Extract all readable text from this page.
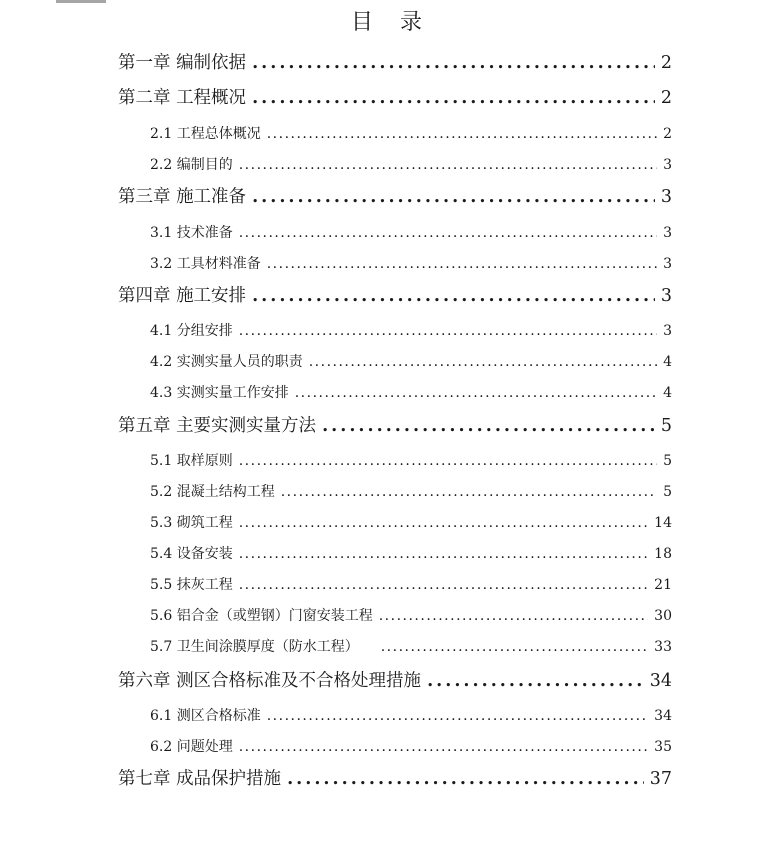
目 录
第一章 编制依据 .....	2
第二章 工程概况 .....	2
2.1 工程总体概况 .....	2
2.2 编制目的 .....	3
第三章 施工准备 .....	3
3.1 技术准备 .....	3
3.2 工具材料准备 .....	3
第四章 施工安排 .....	3
4.1 分组安排 .....	3
4.2 实测实量人员的职责 .....	4
4.3 实测实量工作安排 .....	4
第五章 主要实测实量方法 .....	5
5.1 取样原则 .....	5
5.2 混凝土结构工程 .....	5
5.3 砌筑工程 .....	14
5.4 设备安装 .....	18
5.5 抹灰工程 .....	21
5.6 铝合金（或塑钢）门窗安装工程 .....	30
5.7 卫生间涂膜厚度（防水工程） .....	33
第六章 测区合格标准及不合格处理措施 .....	34
6.1 测区合格标准 .....	34
6.2 问题处理 .....	35
第七章 成品保护措施 .....	37
